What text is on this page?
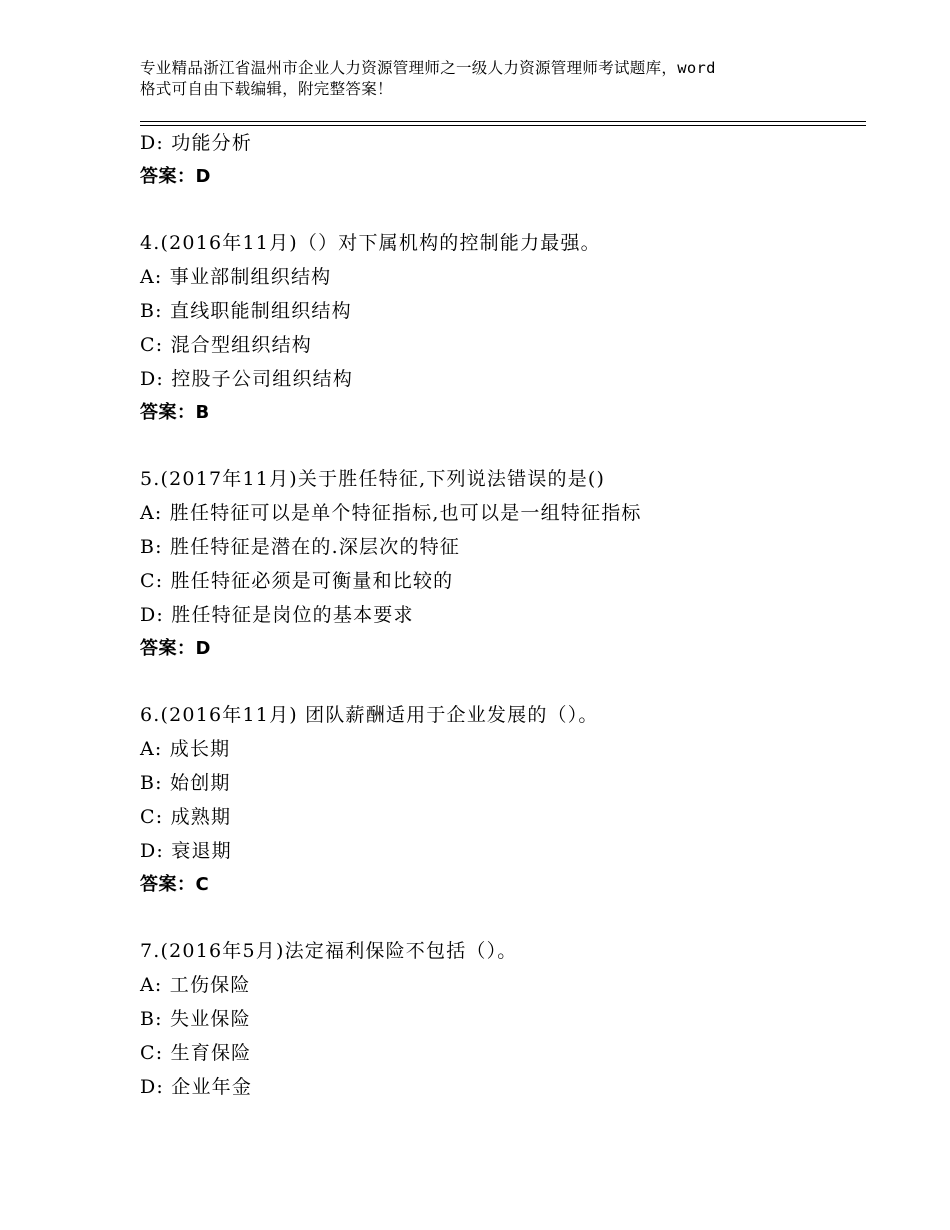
专业精品浙江省温州市企业人力资源管理师之一级人力资源管理师考试题库，word
格式可自由下载编辑，附完整答案！
D: 功能分析
答案：D
4.(2016年11月)（）对下属机构的控制能力最强。
A: 事业部制组织结构
B: 直线职能制组织结构
C: 混合型组织结构
D: 控股子公司组织结构
答案：B
5.(2017年11月)关于胜任特征,下列说法错误的是()
A: 胜任特征可以是单个特征指标,也可以是一组特征指标
B: 胜任特征是潜在的.深层次的特征
C: 胜任特征必须是可衡量和比较的
D: 胜任特征是岗位的基本要求
答案：D
6.(2016年11月) 团队薪酬适用于企业发展的（）。
A: 成长期
B: 始创期
C: 成熟期
D: 衰退期
答案：C
7.(2016年5月)法定福利保险不包括（）。
A: 工伤保险
B: 失业保险
C: 生育保险
D: 企业年金
